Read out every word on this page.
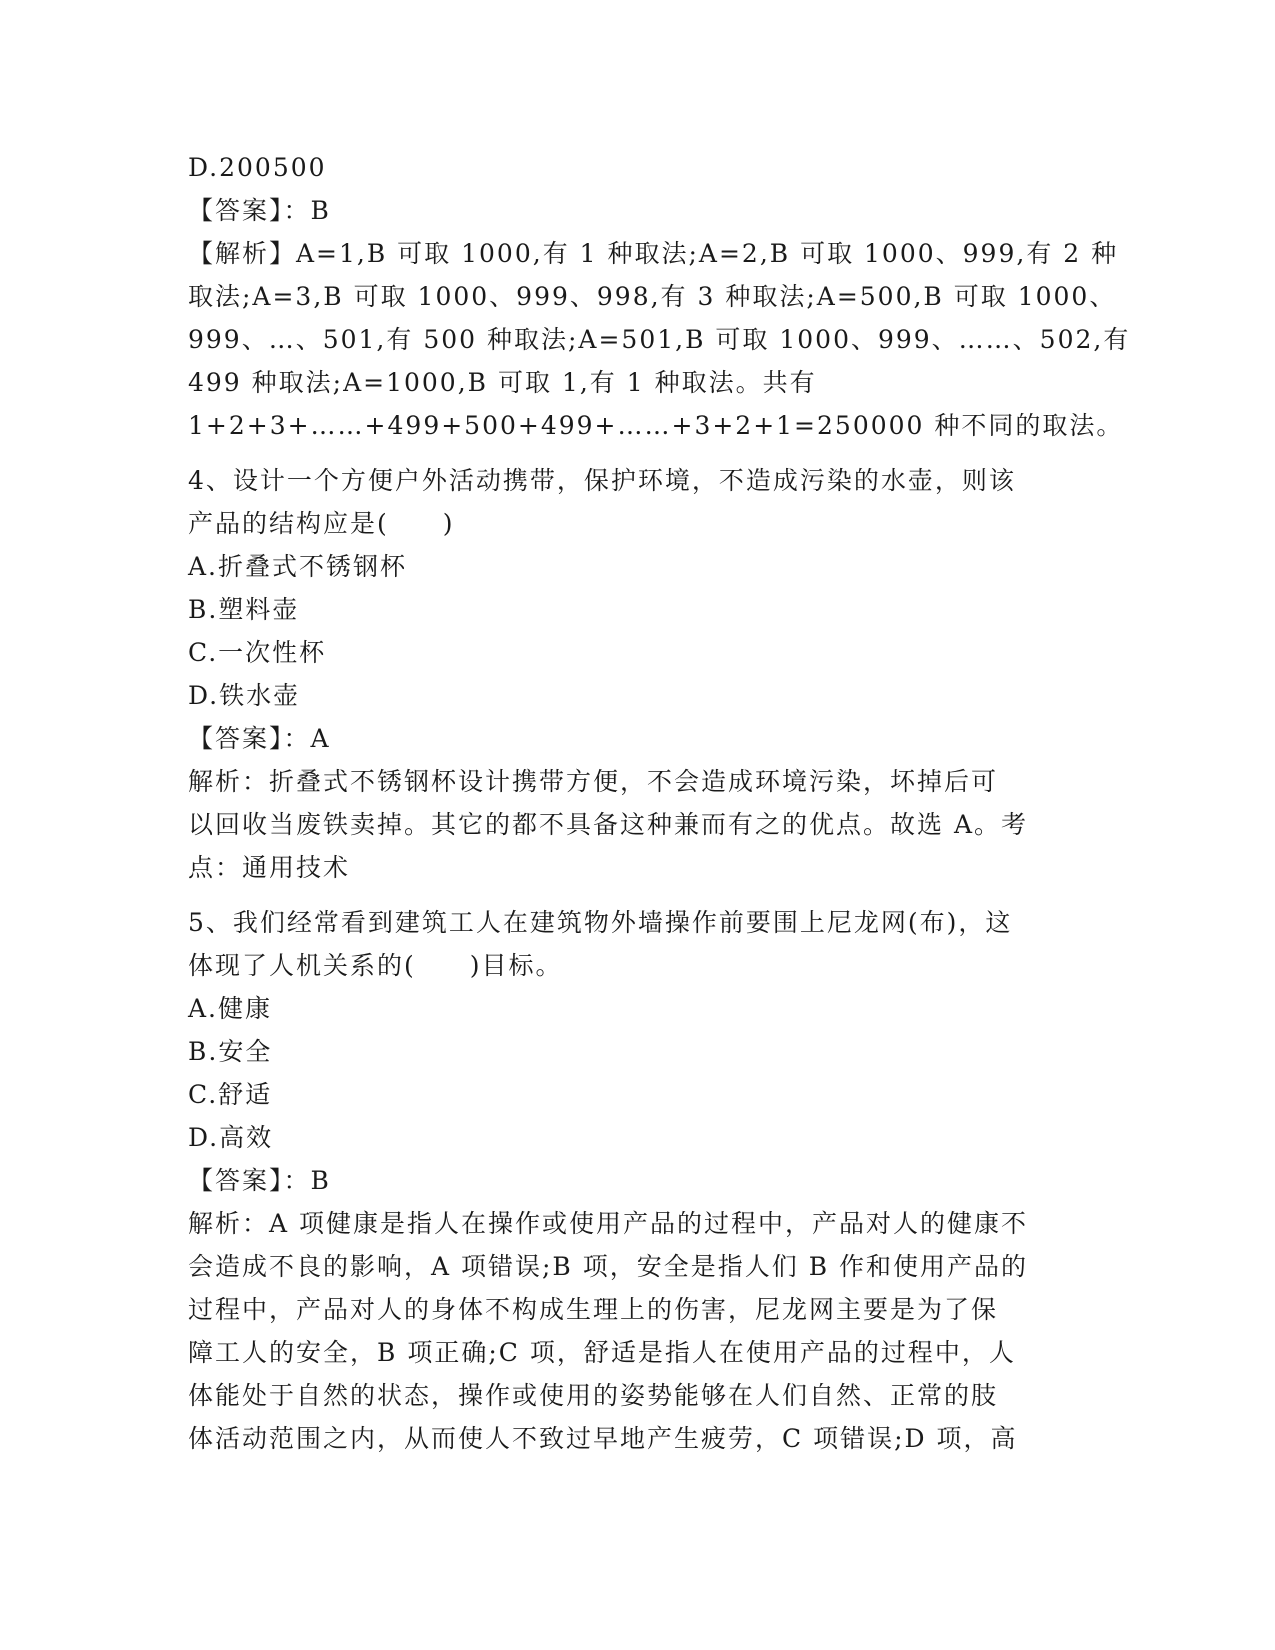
D.200500
【答案】：B
【解析】A=1,B 可取 1000,有 1 种取法;A=2,B 可取 1000、999,有 2 种
取法;A=3,B 可取 1000、999、998,有 3 种取法;A=500,B 可取 1000、
999、…、501,有 500 种取法;A=501,B 可取 1000、999、……、502,有
499 种取法;A=1000,B 可取 1,有 1 种取法。共有
1+2+3+……+499+500+499+……+3+2+1=250000 种不同的取法。
4、设计一个方便户外活动携带，保护环境，不造成污染的水壶，则该
产品的结构应是(　　)
A.折叠式不锈钢杯
B.塑料壶
C.一次性杯
D.铁水壶
【答案】：A
解析：折叠式不锈钢杯设计携带方便，不会造成环境污染，坏掉后可
以回收当废铁卖掉。其它的都不具备这种兼而有之的优点。故选 A。考
点：通用技术
5、我们经常看到建筑工人在建筑物外墙操作前要围上尼龙网(布)，这
体现了人机关系的(　　)目标。
A.健康
B.安全
C.舒适
D.高效
【答案】：B
解析：A 项健康是指人在操作或使用产品的过程中，产品对人的健康不
会造成不良的影响，A 项错误;B 项，安全是指人们 B 作和使用产品的
过程中，产品对人的身体不构成生理上的伤害，尼龙网主要是为了保
障工人的安全，B 项正确;C 项，舒适是指人在使用产品的过程中，人
体能处于自然的状态，操作或使用的姿势能够在人们自然、正常的肢
体活动范围之内，从而使人不致过早地产生疲劳，C 项错误;D 项，高
